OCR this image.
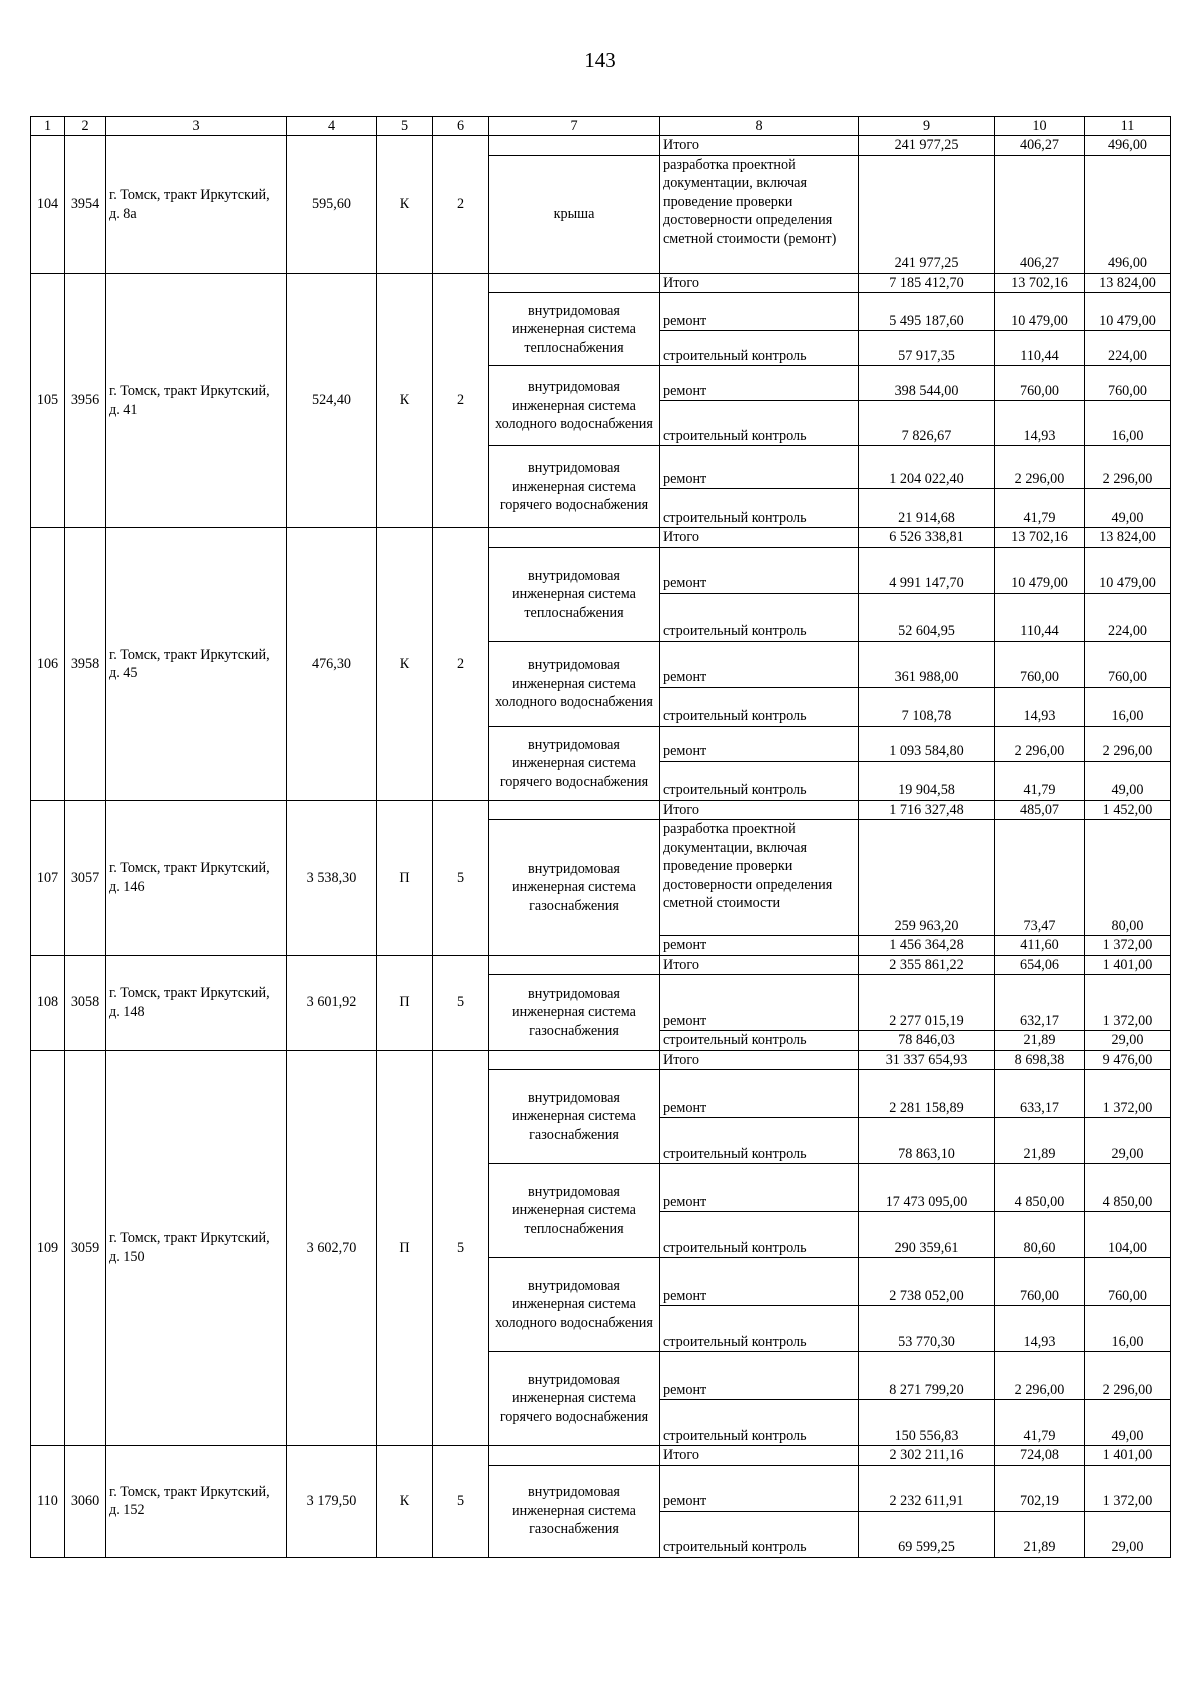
143
1	2	3	4	5	6	7	8	9	10	11
104	3954	г. Томск, тракт Иркутский, д. 8а	595,60	К	2		Итого	241 977,25	406,27	496,00
						крыша	разработка проектной документации, включая проведение проверки достоверности определения сметной стоимости (ремонт)	241 977,25	406,27	496,00
105	3956	г. Томск, тракт Иркутский, д. 41	524,40	К	2		Итого	7 185 412,70	13 702,16	13 824,00
						внутридомовая инженерная система теплоснабжения	ремонт	5 495 187,60	10 479,00	10 479,00
							строительный контроль	57 917,35	110,44	224,00
						внутридомовая инженерная система холодного водоснабжения	ремонт	398 544,00	760,00	760,00
							строительный контроль	7 826,67	14,93	16,00
						внутридомовая инженерная система горячего водоснабжения	ремонт	1 204 022,40	2 296,00	2 296,00
							строительный контроль	21 914,68	41,79	49,00
106	3958	г. Томск, тракт Иркутский, д. 45	476,30	К	2		Итого	6 526 338,81	13 702,16	13 824,00
						внутридомовая инженерная система теплоснабжения	ремонт	4 991 147,70	10 479,00	10 479,00
							строительный контроль	52 604,95	110,44	224,00
						внутридомовая инженерная система холодного водоснабжения	ремонт	361 988,00	760,00	760,00
							строительный контроль	7 108,78	14,93	16,00
						внутридомовая инженерная система горячего водоснабжения	ремонт	1 093 584,80	2 296,00	2 296,00
							строительный контроль	19 904,58	41,79	49,00
107	3057	г. Томск, тракт Иркутский, д. 146	3 538,30	П	5		Итого	1 716 327,48	485,07	1 452,00
						внутридомовая инженерная система газоснабжения	разработка проектной документации, включая проведение проверки достоверности определения сметной стоимости	259 963,20	73,47	80,00
							ремонт	1 456 364,28	411,60	1 372,00
108	3058	г. Томск, тракт Иркутский, д. 148	3 601,92	П	5		Итого	2 355 861,22	654,06	1 401,00
						внутридомовая инженерная система газоснабжения	ремонт	2 277 015,19	632,17	1 372,00
							строительный контроль	78 846,03	21,89	29,00
109	3059	г. Томск, тракт Иркутский, д. 150	3 602,70	П	5		Итого	31 337 654,93	8 698,38	9 476,00
						внутридомовая инженерная система газоснабжения	ремонт	2 281 158,89	633,17	1 372,00
							строительный контроль	78 863,10	21,89	29,00
						внутридомовая инженерная система теплоснабжения	ремонт	17 473 095,00	4 850,00	4 850,00
							строительный контроль	290 359,61	80,60	104,00
						внутридомовая инженерная система холодного водоснабжения	ремонт	2 738 052,00	760,00	760,00
							строительный контроль	53 770,30	14,93	16,00
						внутридомовая инженерная система горячего водоснабжения	ремонт	8 271 799,20	2 296,00	2 296,00
							строительный контроль	150 556,83	41,79	49,00
110	3060	г. Томск, тракт Иркутский, д. 152	3 179,50	К	5		Итого	2 302 211,16	724,08	1 401,00
						внутридомовая инженерная система газоснабжения	ремонт	2 232 611,91	702,19	1 372,00
							строительный контроль	69 599,25	21,89	29,00
